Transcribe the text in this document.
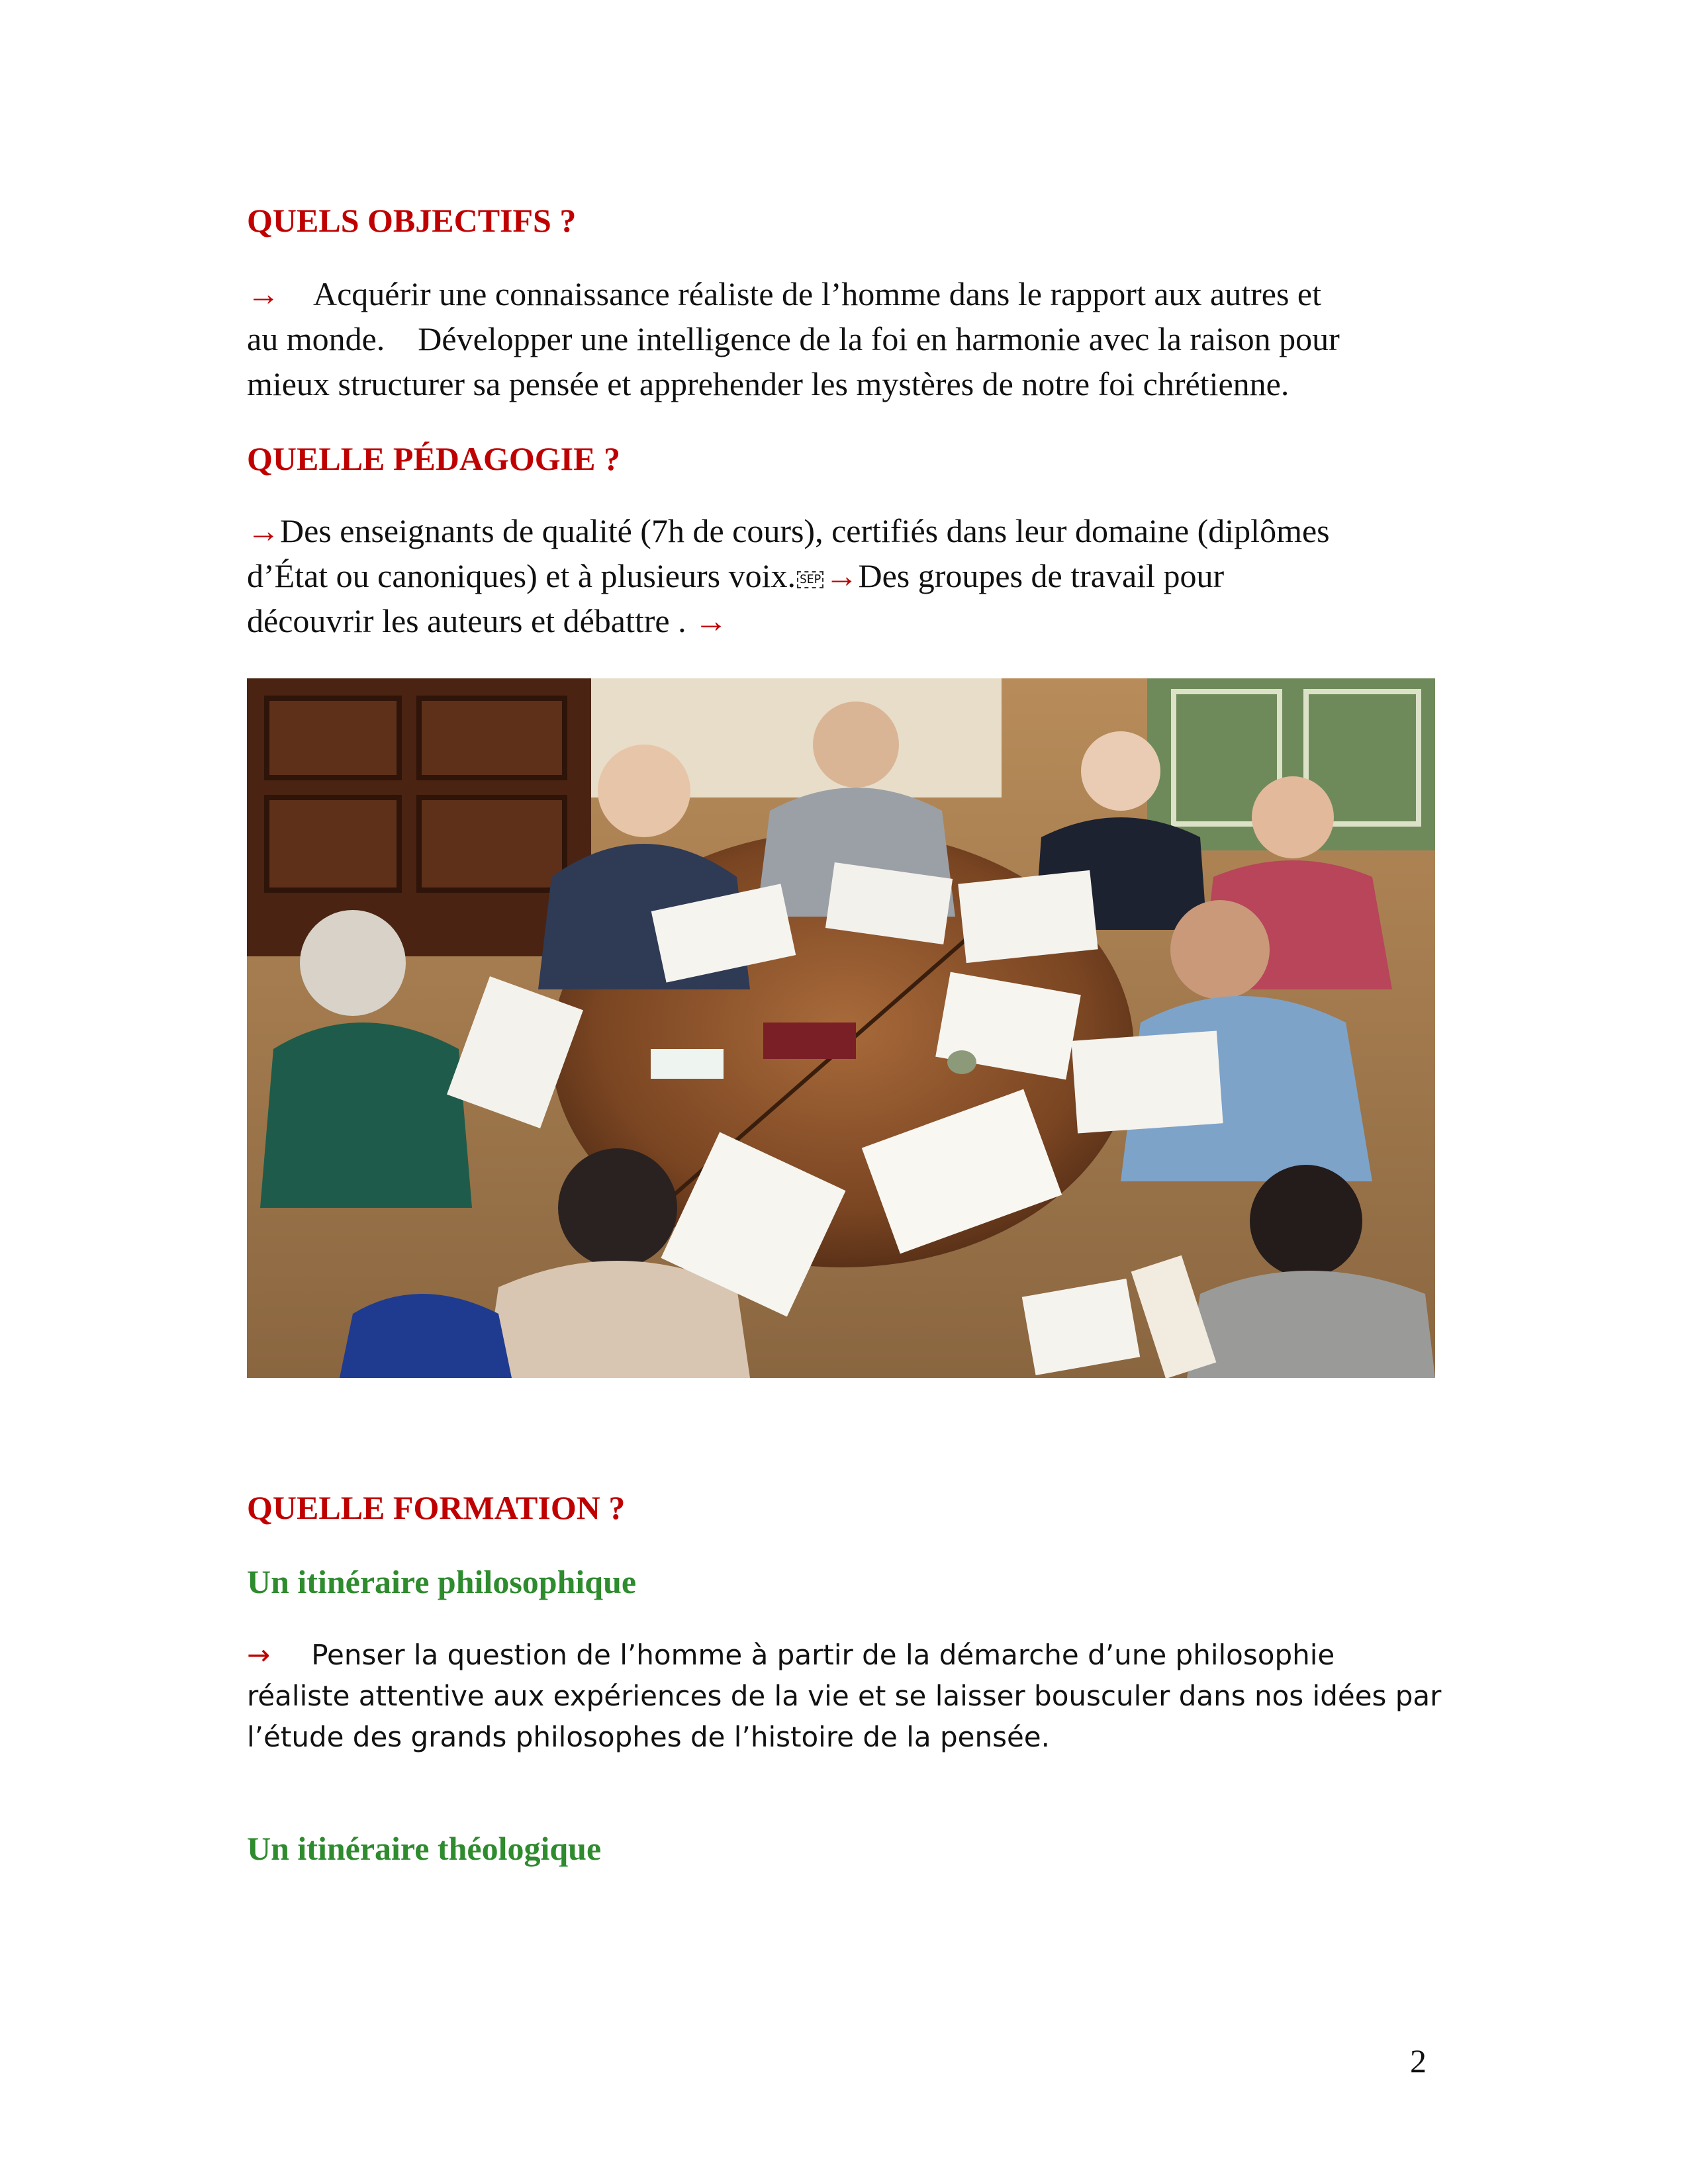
QUELS OBJECTIFS ?
→ Acquérir une connaissance réaliste de l’homme dans le rapport aux autres et
au monde.    Développer une intelligence de la foi en harmonie avec la raison pour
mieux structurer sa pensée et apprehender les mystères de notre foi chrétienne.
QUELLE PÉDAGOGIE ?
→Des enseignants de qualité (7h de cours), certifiés dans leur domaine (diplômes
d’État ou canoniques) et à plusieurs voix. SEP →Des groupes de travail pour
découvrir les auteurs et débattre . →
QUELLE FORMATION ?
Un itinéraire philosophique
→ Penser la question de l’homme à partir de la démarche d’une philosophie
réaliste attentive aux expériences de la vie et se laisser bousculer dans nos idées par
l’étude des grands philosophes de l’histoire de la pensée.
Un itinéraire théologique
2
